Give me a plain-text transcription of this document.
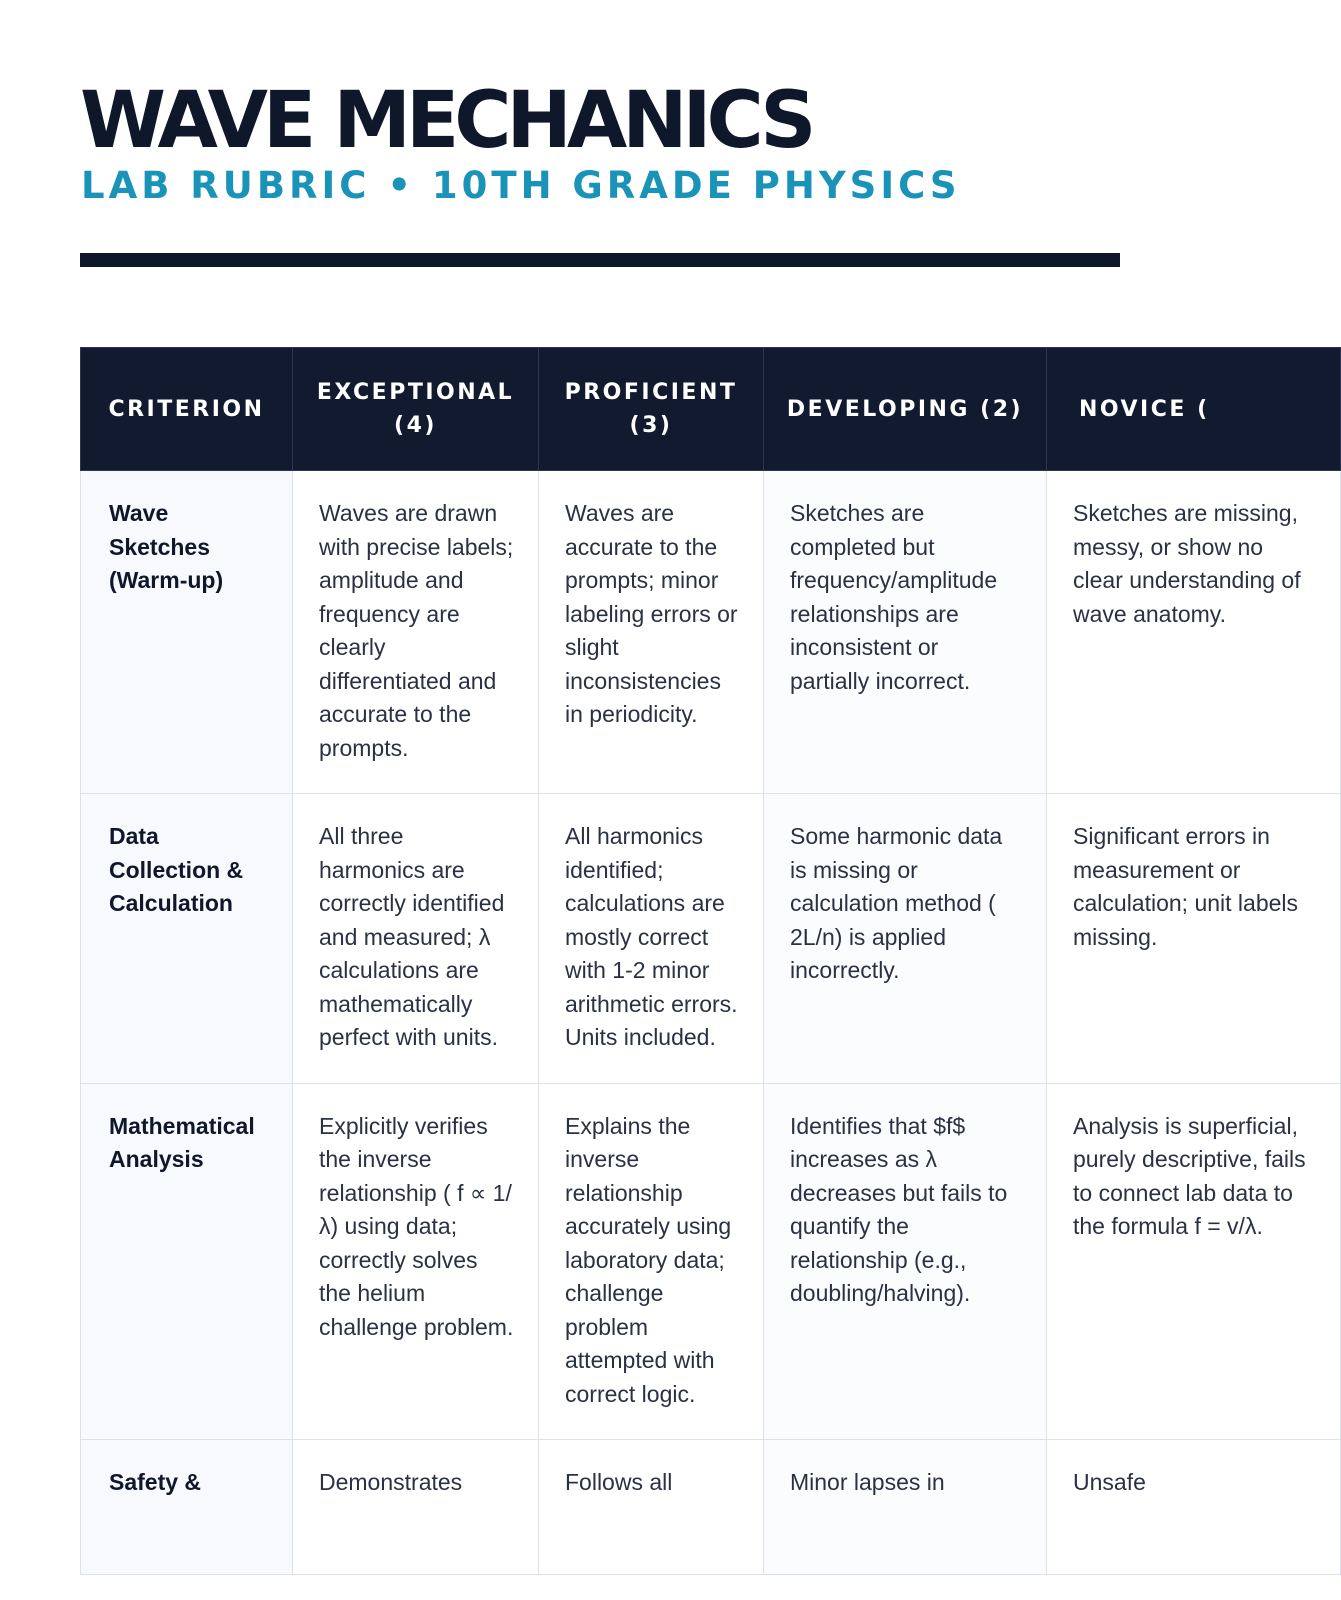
WAVE MECHANICS
LAB RUBRIC • 10TH GRADE PHYSICS
CRITERION	EXCEPTIONAL (4)	PROFICIENT (3)	DEVELOPING (2)	NOVICE (
Wave Sketches (Warm-up)	Waves are drawn with precise labels; amplitude and frequency are clearly differentiated and accurate to the prompts.	Waves are accurate to the prompts; minor labeling errors or slight inconsistencies in periodicity.	Sketches are completed but frequency/amplitude relationships are inconsistent or partially incorrect.	Sketches are missing, messy, or show no clear understanding of wave anatomy.
Data Collection & Calculation	All three harmonics are correctly identified and measured; λ calculations are mathematically perfect with units.	All harmonics identified; calculations are mostly correct with 1-2 minor arithmetic errors. Units included.	Some harmonic data is missing or calculation method ( 2L/n) is applied incorrectly.	Significant errors in measurement or calculation; unit labels missing.
Mathematical Analysis	Explicitly verifies the inverse relationship ( f ∝ 1/λ) using data; correctly solves the helium challenge problem.	Explains the inverse relationship accurately using laboratory data; challenge problem attempted with correct logic.	Identifies that $f$ increases as λ decreases but fails to quantify the relationship (e.g., doubling/halving).	Analysis is superficial, purely descriptive, fails to connect lab data to the formula f = v/λ.
Safety &	Demonstrates	Follows all	Minor lapses in	Unsafe
